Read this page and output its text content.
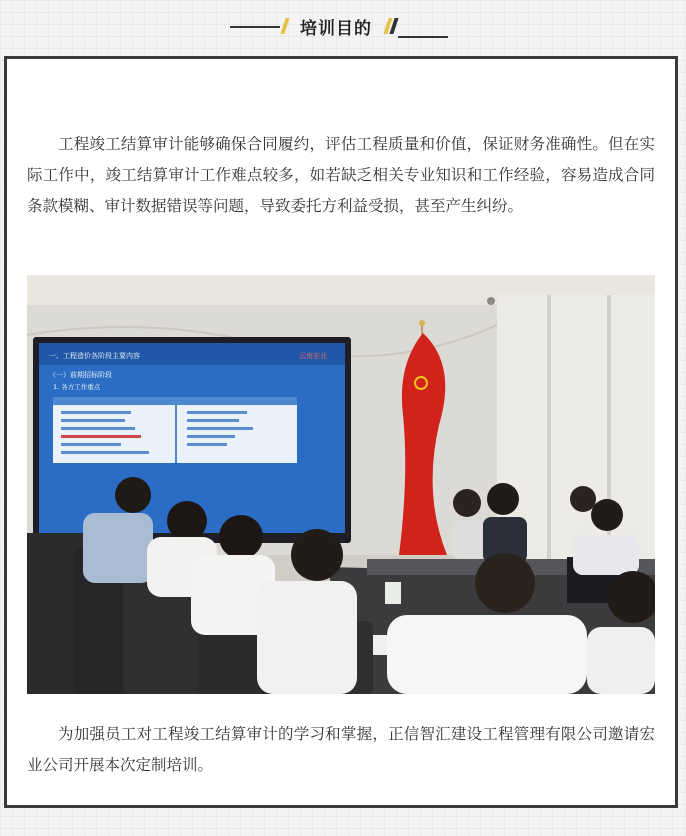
培训目的

工程竣工结算审计能够确保合同履约，评估工程质量和价值，保证财务准确性。但在实际工作中，竣工结算审计工作难点较多，如若缺乏相关专业知识和工作经验，容易造成合同条款模糊、审计数据错误等问题，导致委托方利益受损，甚至产生纠纷。

一、工程造价各阶段主要内容	云南宏业
（一）前期招标阶段
1. 各方工作重点

为加强员工对工程竣工结算审计的学习和掌握，正信智汇建设工程管理有限公司邀请宏业公司开展本次定制培训。
